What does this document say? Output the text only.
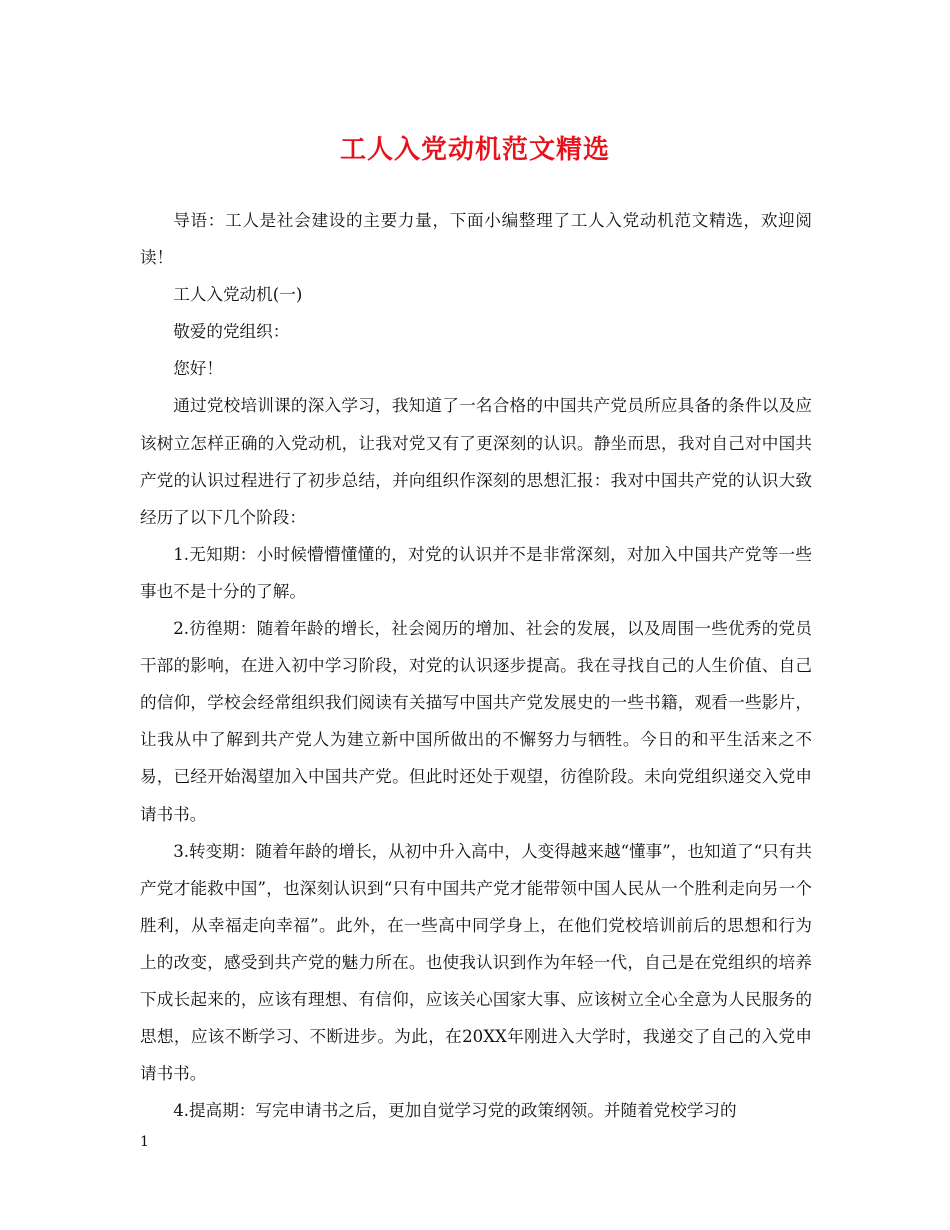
工人入党动机范文精选

导语：工人是社会建设的主要力量，下面小编整理了工人入党动机范文精选，欢迎阅读！

工人入党动机(一)

敬爱的党组织：

您好！

通过党校培训课的深入学习，我知道了一名合格的中国共产党员所应具备的条件以及应该树立怎样正确的入党动机，让我对党又有了更深刻的认识。静坐而思，我对自己对中国共产党的认识过程进行了初步总结，并向组织作深刻的思想汇报：我对中国共产党的认识大致经历了以下几个阶段：

1.无知期：小时候懵懵懂懂的，对党的认识并不是非常深刻，对加入中国共产党等一些事也不是十分的了解。

2.彷徨期：随着年龄的增长，社会阅历的增加、社会的发展，以及周围一些优秀的党员干部的影响，在进入初中学习阶段，对党的认识逐步提高。我在寻找自己的人生价值、自己的信仰，学校会经常组织我们阅读有关描写中国共产党发展史的一些书籍，观看一些影片，让我从中了解到共产党人为建立新中国所做出的不懈努力与牺牲。今日的和平生活来之不易，已经开始渴望加入中国共产党。但此时还处于观望，彷徨阶段。未向党组织递交入党申请书书。

3.转变期：随着年龄的增长，从初中升入高中，人变得越来越“懂事”，也知道了“只有共产党才能救中国”，也深刻认识到“只有中国共产党才能带领中国人民从一个胜利走向另一个胜利，从幸福走向幸福”。此外，在一些高中同学身上，在他们党校培训前后的思想和行为上的改变，感受到共产党的魅力所在。也使我认识到作为年轻一代，自己是在党组织的培养下成长起来的，应该有理想、有信仰，应该关心国家大事、应该树立全心全意为人民服务的思想，应该不断学习、不断进步。为此，在20XX年刚进入大学时，我递交了自己的入党申请书书。

4.提高期：写完申请书之后，更加自觉学习党的政策纲领。并随着党校学习的

1
